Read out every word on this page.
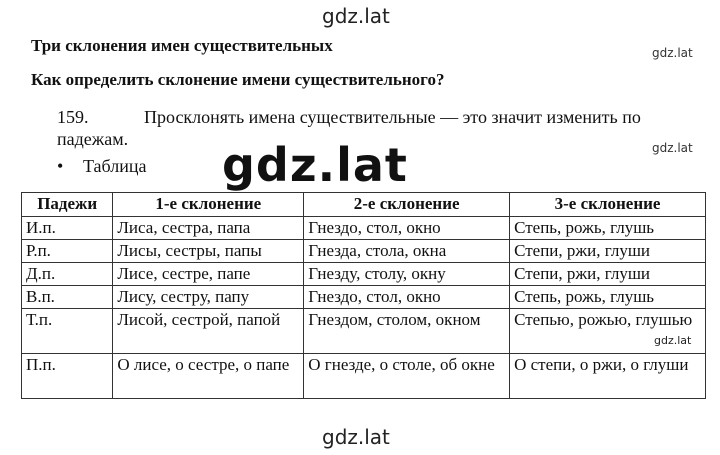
gdz.lat
gdz.lat
Три склонения имен существительных
Как определить склонение имени существительного?
159.	Просклонять имена существительные — это значит изменить по
падежам.	gdz.lat
• Таблица gdz.lat
Падежи	1-е склонение	2-е склонение	3-е склонение
И.п.	Лиса, сестра, папа	Гнездо, стол, окно	Степь, рожь, глушь
Р.п.	Лисы, сестры, папы	Гнезда, стола, окна	Степи, ржи, глуши
Д.п.	Лисе, сестре, папе	Гнезду, столу, окну	Степи, ржи, глуши
В.п.	Лису, сестру, папу	Гнездо, стол, окно	Степь, рожь, глушь
Т.п.	Лисой, сестрой, папой	Гнездом, столом, окном	Степью, рожью, глушью
П.п.	О лисе, о сестре, о папе	О гнезде, о столе, об окне	О степи, о ржи, о глуши
gdz.lat
gdz.lat
